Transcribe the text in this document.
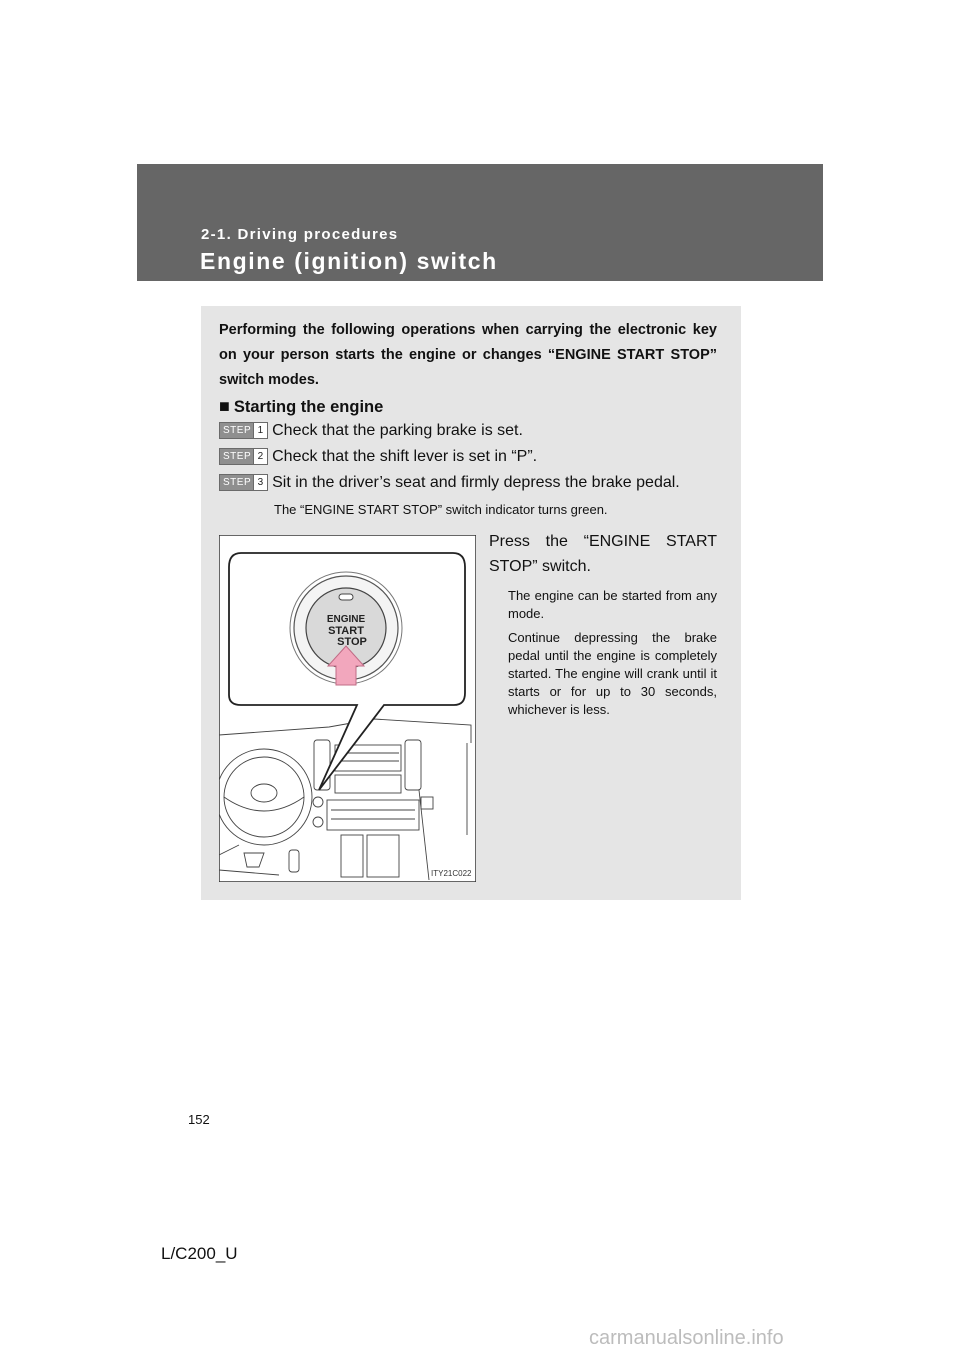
2-1. Driving procedures
Engine (ignition) switch
Performing the following operations when carrying the electronic key on your person starts the engine or changes “ENGINE START STOP” switch modes.
■ Starting the engine
STEP 1 Check that the parking brake is set.
STEP 2 Check that the shift lever is set in “P”.
STEP 3 Sit in the driver’s seat and firmly depress the brake pedal.
The “ENGINE START STOP” switch indicator turns green.
Press the “ENGINE START STOP” switch.
The engine can be started from any mode.
Continue depressing the brake pedal until the engine is completely started. The engine will crank until it starts or for up to 30 seconds, whichever is less.
ENGINE
START
STOP
ITY21C022
152
L/C200_U
carmanualsonline.info
